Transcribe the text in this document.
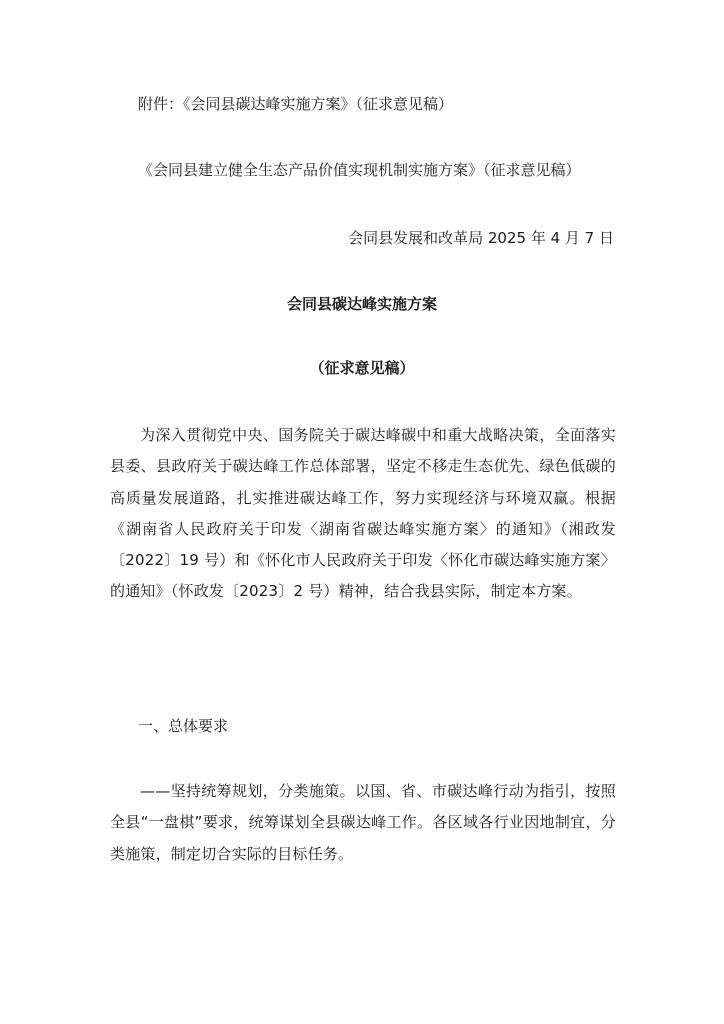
附件：《会同县碳达峰实施方案》（征求意见稿）
《会同县建立健全生态产品价值实现机制实施方案》（征求意见稿）
会同县发展和改革局 2025 年 4 月 7 日
会同县碳达峰实施方案
（征求意见稿）
为深入贯彻党中央、国务院关于碳达峰碳中和重大战略决策，全面落实县委、县政府关于碳达峰工作总体部署，坚定不移走生态优先、绿色低碳的高质量发展道路，扎实推进碳达峰工作，努力实现经济与环境双赢。根据《湖南省人民政府关于印发〈湖南省碳达峰实施方案〉的通知》（湘政发〔2022〕19 号）和《怀化市人民政府关于印发〈怀化市碳达峰实施方案〉的通知》（怀政发〔2023〕2 号）精神，结合我县实际，制定本方案。
一、总体要求
——坚持统筹规划，分类施策。以国、省、市碳达峰行动为指引，按照全县“一盘棋”要求，统筹谋划全县碳达峰工作。各区域各行业因地制宜，分类施策，制定切合实际的目标任务。
